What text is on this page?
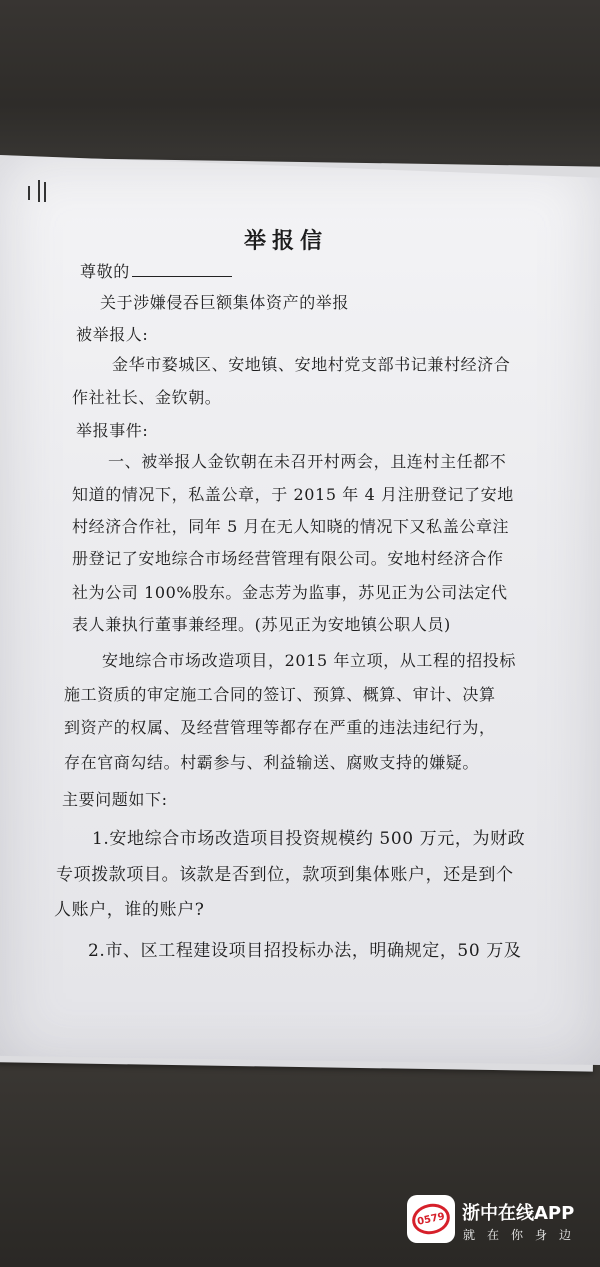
举报信
尊敬的
关于涉嫌侵吞巨额集体资产的举报
被举报人:
金华市婺城区、安地镇、安地村党支部书记兼村经济合
作社社长、金钦朝。
举报事件:
一、被举报人金钦朝在未召开村两会，且连村主任都不
知道的情况下，私盖公章，于 2015 年 4 月注册登记了安地
村经济合作社，同年 5 月在无人知晓的情况下又私盖公章注
册登记了安地综合市场经营管理有限公司。安地村经济合作
社为公司 100%股东。金志芳为监事，苏见正为公司法定代
表人兼执行董事兼经理。(苏见正为安地镇公职人员)
安地综合市场改造项目，2015 年立项，从工程的招投标
施工资质的审定施工合同的签订、预算、概算、审计、决算
到资产的权属、及经营管理等都存在严重的违法违纪行为，
存在官商勾结。村霸参与、利益输送、腐败支持的嫌疑。
主要问题如下:
1.安地综合市场改造项目投资规模约 500 万元，为财政
专项拨款项目。该款是否到位，款项到集体账户，还是到个
人账户，谁的账户?
2.市、区工程建设项目招投标办法，明确规定，50 万及
0579 浙中在线APP
就在你身边
